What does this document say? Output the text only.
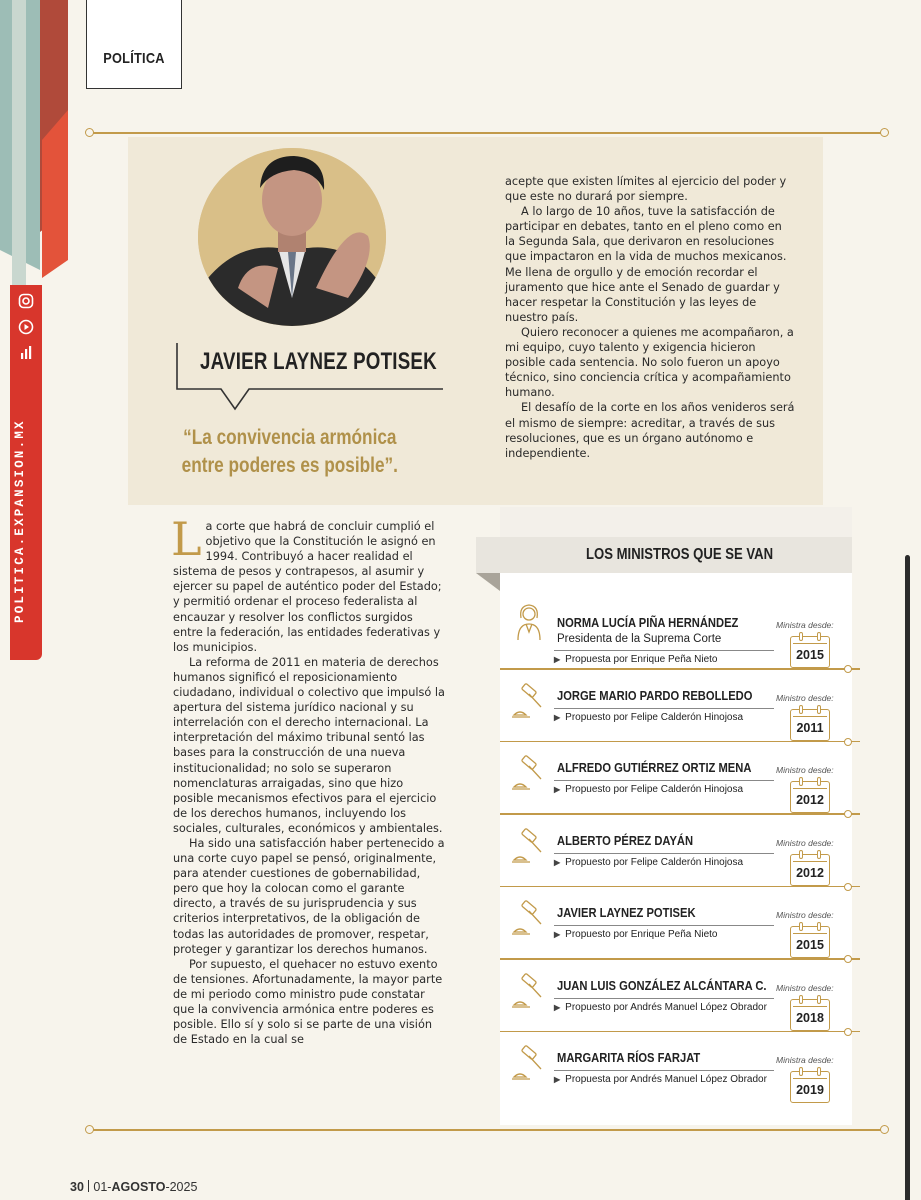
POLITICA.EXPANSION.MX
POLÍTICA
JAVIER LAYNEZ POTISEK
“La convivencia armónica entre poderes es posible”.

acepte que existen límites al ejercicio del poder y que este no durará por siempre.

A lo largo de 10 años, tuve la satisfacción de participar en debates, tanto en el pleno como en la Segunda Sala, que derivaron en resoluciones que impactaron en la vida de muchos mexicanos. Me llena de orgullo y de emoción recordar el juramento que hice ante el Senado de guardar y hacer respetar la Constitución y las leyes de nuestro país.

Quiero reconocer a quienes me acompañaron, a mi equipo, cuyo talento y exigencia hicieron posible cada sentencia. No solo fueron un apoyo técnico, sino conciencia crítica y acompañamiento humano.

El desafío de la corte en los años venideros será el mismo de siempre: acreditar, a través de sus resoluciones, que es un órgano autónomo e independiente.

La corte que habrá de concluir cumplió el objetivo que la Constitución le asignó en 1994. Contribuyó a hacer realidad el sistema de pesos y contrapesos, al asumir y ejercer su papel de auténtico poder del Estado; y permitió ordenar el proceso federalista al encauzar y resolver los conflictos surgidos entre la federación, las entidades federativas y los municipios.

La reforma de 2011 en materia de derechos humanos significó el reposicionamiento ciudadano, individual o colectivo que impulsó la apertura del sistema jurídico nacional y su interrelación con el derecho internacional. La interpretación del máximo tribunal sentó las bases para la construcción de una nueva institucionalidad; no solo se superaron nomenclaturas arraigadas, sino que hizo posible mecanismos efectivos para el ejercicio de los derechos humanos, incluyendo los sociales, culturales, económicos y ambientales.

Ha sido una satisfacción haber pertenecido a una corte cuyo papel se pensó, originalmente, para atender cuestiones de gobernabilidad, pero que hoy la colocan como el garante directo, a través de su jurisprudencia y sus criterios interpretativos, de la obligación de todas las autoridades de promover, respetar, proteger y garantizar los derechos humanos.

Por supuesto, el quehacer no estuvo exento de tensiones. Afortunadamente, la mayor parte de mi periodo como ministro pude constatar que la convivencia armónica entre poderes es posible. Ello sí y solo si se parte de una visión de Estado en la cual se

LOS MINISTROS QUE SE VAN
NORMA LUCÍA PIÑA HERNÁNDEZ
Presidenta de la Suprema Corte
▶ Propuesta por Enrique Peña Nieto
Ministra desde:
2015
JORGE MARIO PARDO REBOLLEDO
▶ Propuesto por Felipe Calderón Hinojosa
Ministro desde:
2011
ALFREDO GUTIÉRREZ ORTIZ MENA
▶ Propuesto por Felipe Calderón Hinojosa
Ministro desde:
2012
ALBERTO PÉREZ DAYÁN
▶ Propuesto por Felipe Calderón Hinojosa
Ministro desde:
2012
JAVIER LAYNEZ POTISEK
▶ Propuesto por Enrique Peña Nieto
Ministro desde:
2015
JUAN LUIS GONZÁLEZ ALCÁNTARA C.
▶ Propuesto por Andrés Manuel López Obrador
Ministro desde:
2018
MARGARITA RÍOS FARJAT
▶ Propuesta por Andrés Manuel López Obrador
Ministra desde:
2019
30 01-AGOSTO-2025
